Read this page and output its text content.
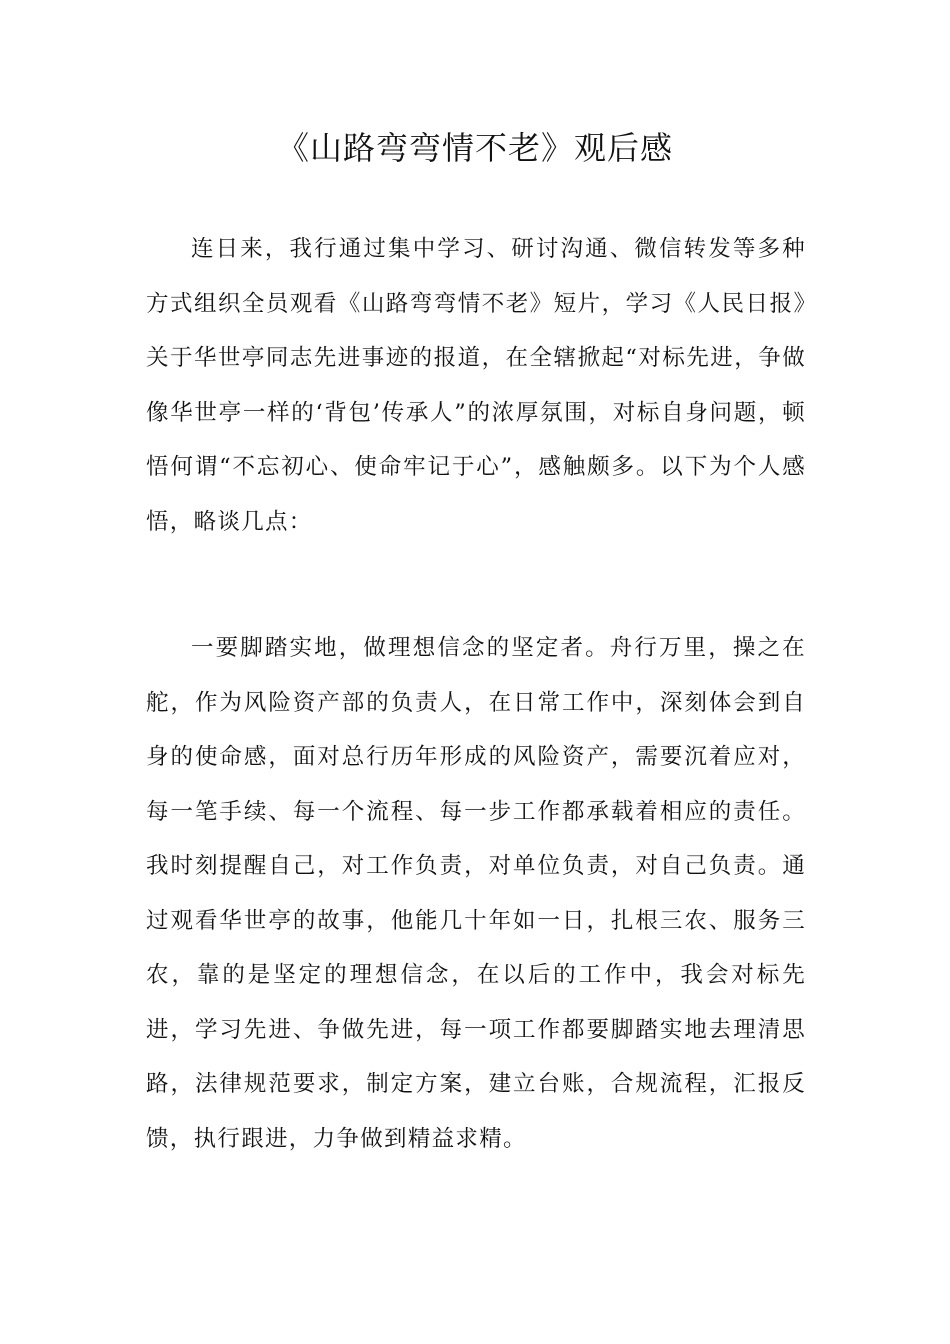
《山路弯弯情不老》观后感

连日来，我行通过集中学习、研讨沟通、微信转发等多种方式组织全员观看《山路弯弯情不老》短片，学习《人民日报》关于华世亭同志先进事迹的报道，在全辖掀起“对标先进，争做像华世亭一样的‘背包’传承人”的浓厚氛围，对标自身问题，顿悟何谓“不忘初心、使命牢记于心”，感触颇多。以下为个人感悟，略谈几点：

一要脚踏实地，做理想信念的坚定者。舟行万里，操之在舵，作为风险资产部的负责人，在日常工作中，深刻体会到自身的使命感，面对总行历年形成的风险资产，需要沉着应对，每一笔手续、每一个流程、每一步工作都承载着相应的责任。我时刻提醒自己，对工作负责，对单位负责，对自己负责。通过观看华世亭的故事，他能几十年如一日，扎根三农、服务三农，靠的是坚定的理想信念，在以后的工作中，我会对标先进，学习先进、争做先进，每一项工作都要脚踏实地去理清思路，法律规范要求，制定方案，建立台账，合规流程，汇报反馈，执行跟进，力争做到精益求精。
